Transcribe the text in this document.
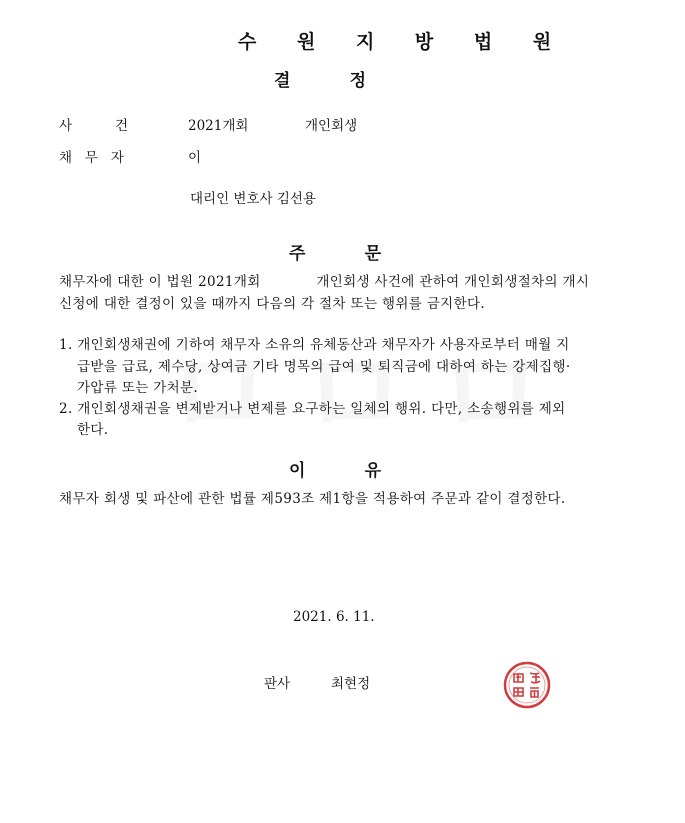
수 원 지 방 법 원
결          정
사          건	2021개회	개인회생
채   무   자	이
대리인 변호사 김선용
주          문
채무자에 대한 이 법원 2021개회            개인회생 사건에 관하여 개인회생절차의 개시
신청에 대한 결정이 있을 때까지 다음의 각 절차 또는 행위를 금지한다.
1. 개인회생채권에 기하여 채무자 소유의 유체동산과 채무자가 사용자로부터 매월 지
급받을 급료, 제수당, 상여금 기타 명목의 급여 및 퇴직금에 대하여 하는 강제집행·
가압류 또는 가처분.
2. 개인회생채권을 변제받거나 변제를 요구하는 일체의 행위. 다만, 소송행위를 제외
한다.
이          유
채무자 회생 및 파산에 관한 법률 제593조 제1항을 적용하여 주문과 같이 결정한다.
2021. 6. 11.
판사	최현정
